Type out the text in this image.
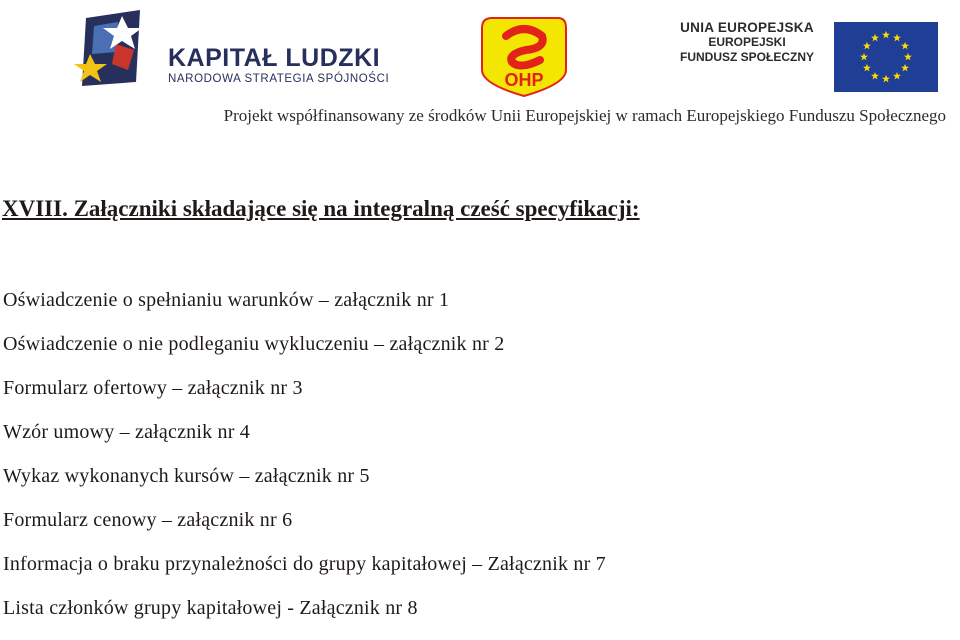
KAPITAŁ LUDZKI
NARODOWA STRATEGIA SPÓJNOŚCI	OHP
UNIA EUROPEJSKA
EUROPEJSKI
FUNDUSZ SPOŁECZNY
Projekt współfinansowany ze środków Unii Europejskiej w ramach Europejskiego Funduszu Społecznego
XVIII. Załączniki składające się na integralną cześć specyfikacji:
Oświadczenie o spełnianiu warunków – załącznik nr 1
Oświadczenie o nie podleganiu wykluczeniu – załącznik nr 2
Formularz ofertowy – załącznik nr 3
Wzór umowy – załącznik nr 4
Wykaz wykonanych kursów – załącznik nr 5
Formularz cenowy – załącznik nr 6
Informacja o braku przynależności do grupy kapitałowej – Załącznik nr 7
Lista członków grupy kapitałowej - Załącznik nr 8
